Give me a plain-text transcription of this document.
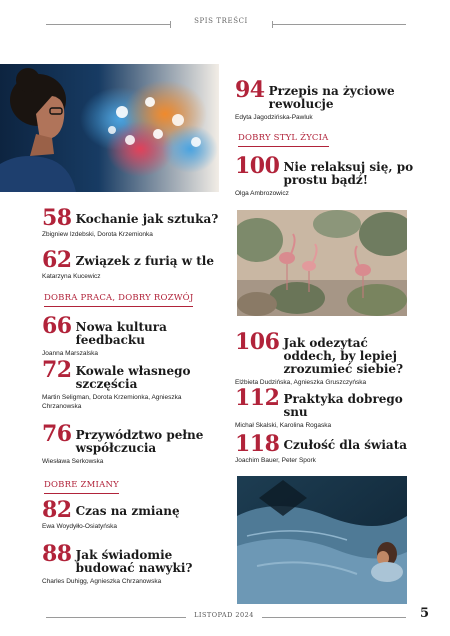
SPIS TREŚCI
94 Przepis na życiowe rewolucje
Edyta Jagodzińska-Pawluk
DOBRY STYL ŻYCIA
100 Nie relaksuj się, po prostu bądź!
Olga Ambrozowicz
106 Jak odezytać oddech, by lepiej zrozumieć siebie?
Elżbieta Dudzińska, Agnieszka Gruszczyńska
112 Praktyka dobrego snu
Michał Skalski, Karolina Rogaska
118 Czułość dla świata
Joachim Bauer, Peter Spork
58 Kochanie jak sztuka?
Zbigniew Izdebski, Dorota Krzemionka
62 Związek z furią w tle
Katarzyna Kucewicz
DOBRA PRACA, DOBRY ROZWÓJ
66 Nowa kultura feedbacku
Joanna Marszalska
72 Kowale własnego szczęścia
Martin Seligman, Dorota Krzemionka, Agnieszka Chrzanowska
76 Przywództwo pełne współczucia
Wiesława Serkowska
DOBRE ZMIANY
82 Czas na zmianę
Ewa Woydyłło-Osiatyńska
88 Jak świadomie budować nawyki?
Charles Duhigg, Agnieszka Chrzanowska
LISTOPAD 2024	5
